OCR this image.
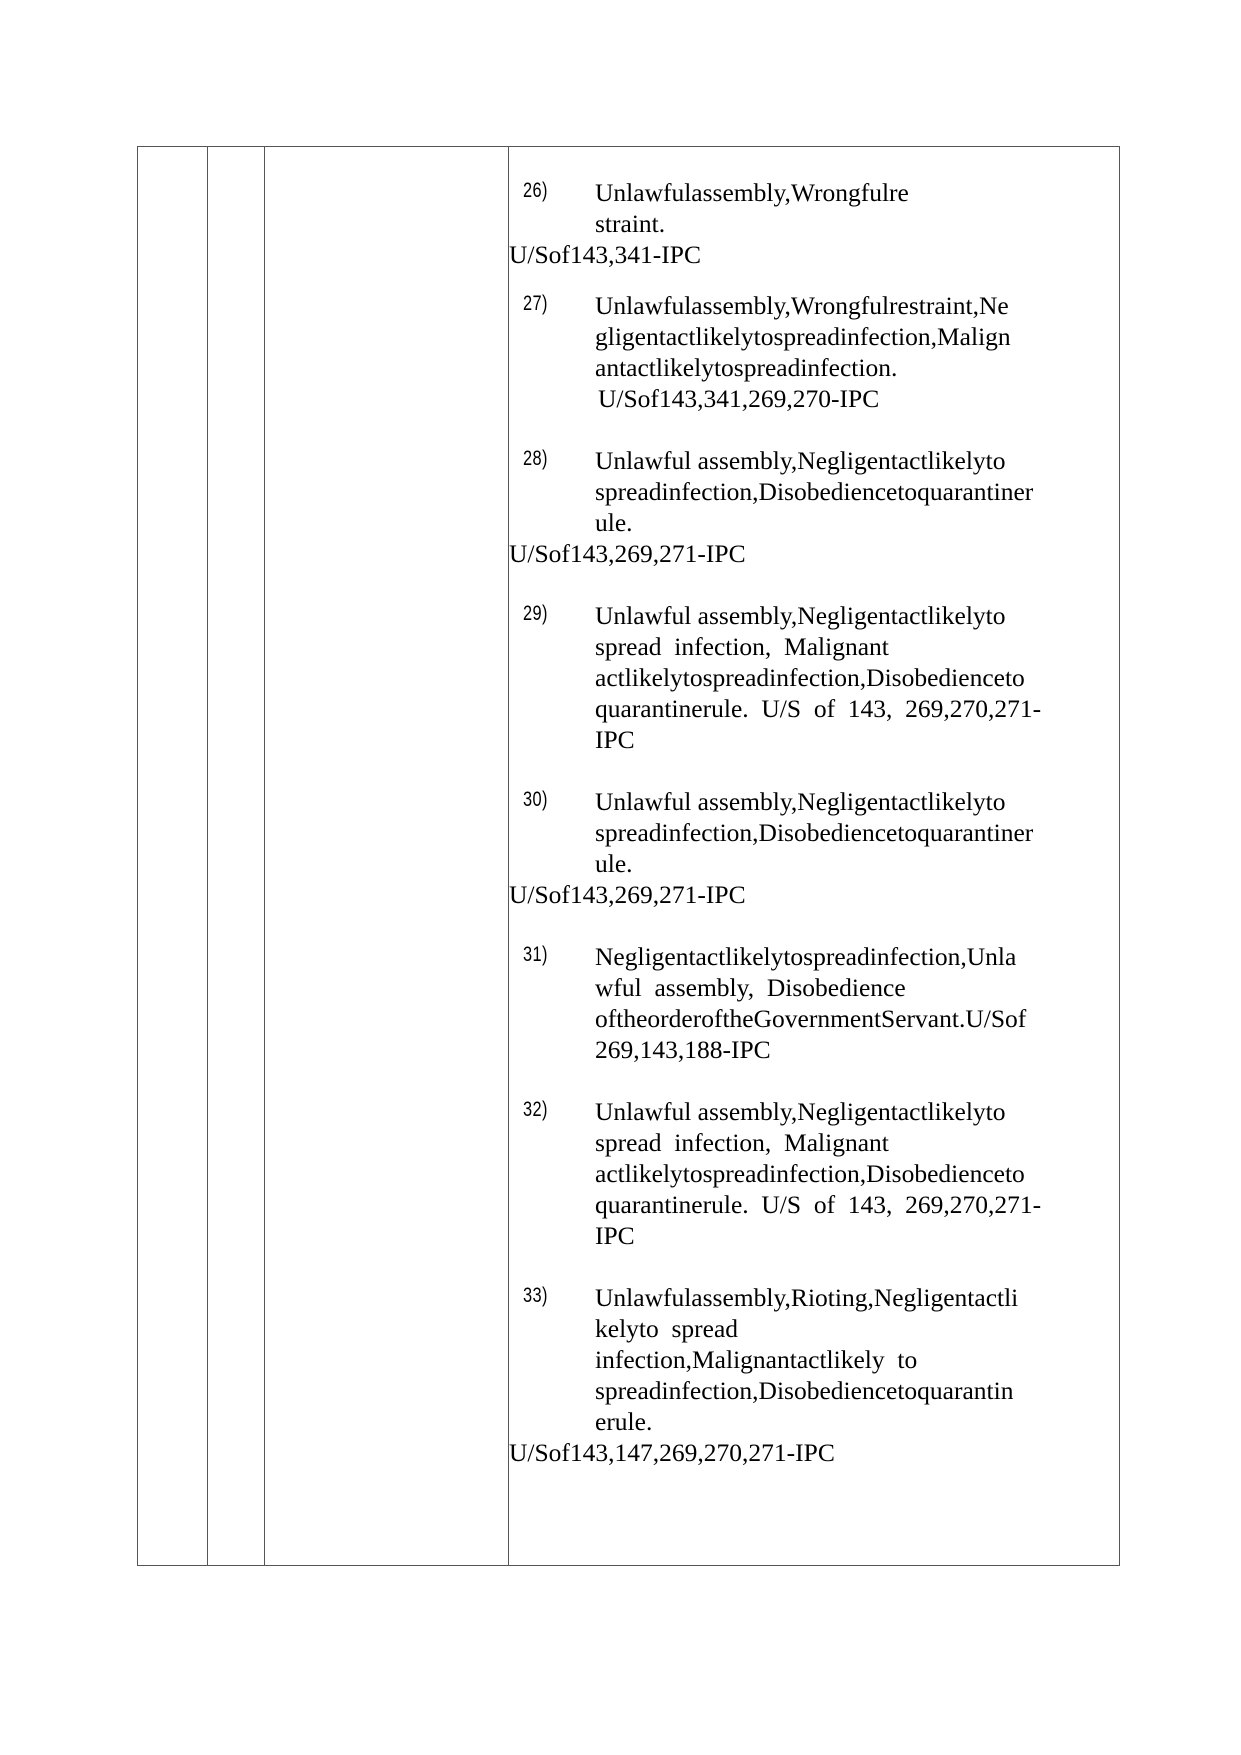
26)	Unlawfulassembly,Wrongfulre
straint.
U/Sof143,341-IPC
27)	Unlawfulassembly,Wrongfulrestraint,Ne
gligentactlikelytospreadinfection,Malign
antactlikelytospreadinfection.
U/Sof143,341,269,270-IPC
28)	Unlawful assembly,Negligentactlikelyto
spreadinfection,Disobediencetoquarantiner
ule.
U/Sof143,269,271-IPC
29)	Unlawful assembly,Negligentactlikelyto
spread  infection,  Malignant
actlikelytospreadinfection,Disobedienceto
quarantinerule.  U/S  of  143,  269,270,271-
IPC
30)	Unlawful assembly,Negligentactlikelyto
spreadinfection,Disobediencetoquarantiner
ule.
U/Sof143,269,271-IPC
31)	Negligentactlikelytospreadinfection,Unla
wful  assembly,  Disobedience
oftheorderoftheGovernmentServant.U/Sof
269,143,188-IPC
32)	Unlawful assembly,Negligentactlikelyto
spread  infection,  Malignant
actlikelytospreadinfection,Disobedienceto
quarantinerule.  U/S  of  143,  269,270,271-
IPC
33)	Unlawfulassembly,Rioting,Negligentactli
kelyto  spread
infection,Malignantactlikely  to
spreadinfection,Disobediencetoquarantin
erule.
U/Sof143,147,269,270,271-IPC
